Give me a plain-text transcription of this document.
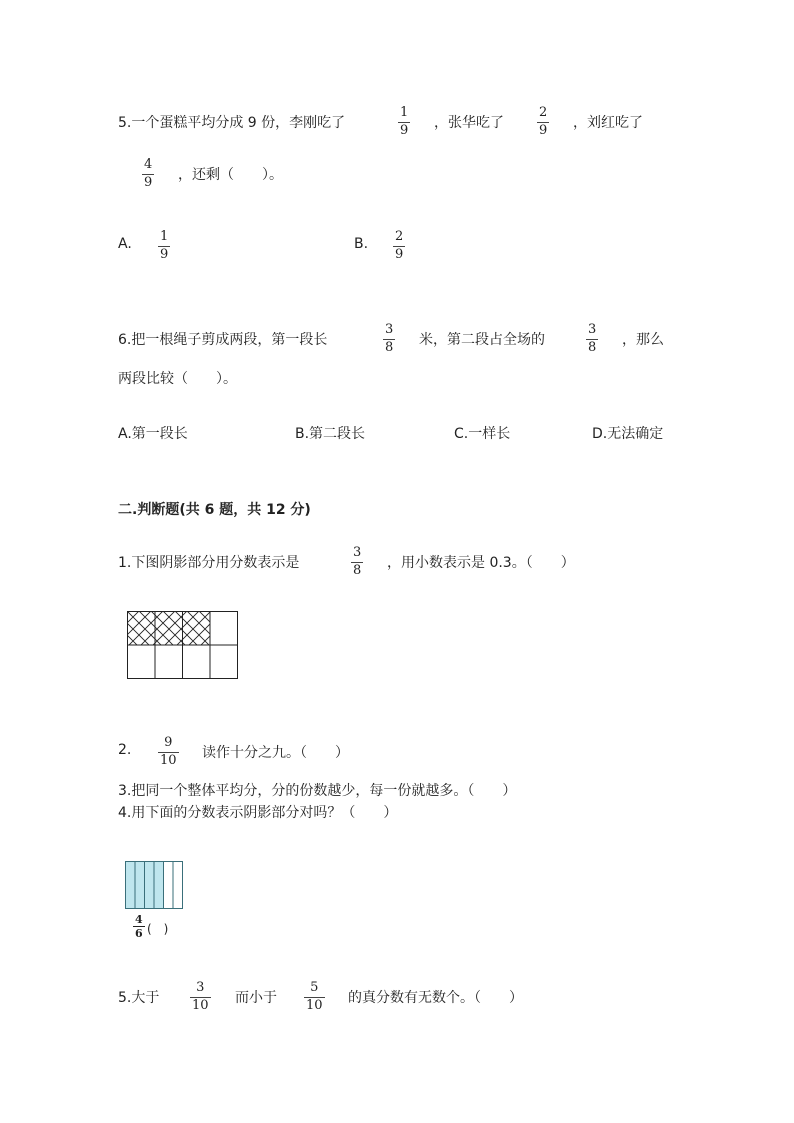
5.一个蛋糕平均分成 9 份，李刚吃了
1
9 ，张华吃了
2
9 ，刘红吃了
4
9 ，还剩（　　）。
A. 1
9
B. 2
9
6.把一根绳子剪成两段，第一段长
3
8 米，第二段占全场的
3
8 ，那么
两段比较（　　）。
A.第一段长	B.第二段长	C.一样长	D.无法确定
二.判断题(共 6 题，共 12 分)
1.下图阴影部分用分数表示是
3
8 ，用小数表示是 0.3。（　　）
2.	9
10 读作十分之九。（　　）
3.把同一个整体平均分，分的份数越少，每一份就越多。（　　）
4.用下面的分数表示阴影部分对吗？（　　）
4
6 (　)
5.大于
3
10 而小于
5
10 的真分数有无数个。（　　）
